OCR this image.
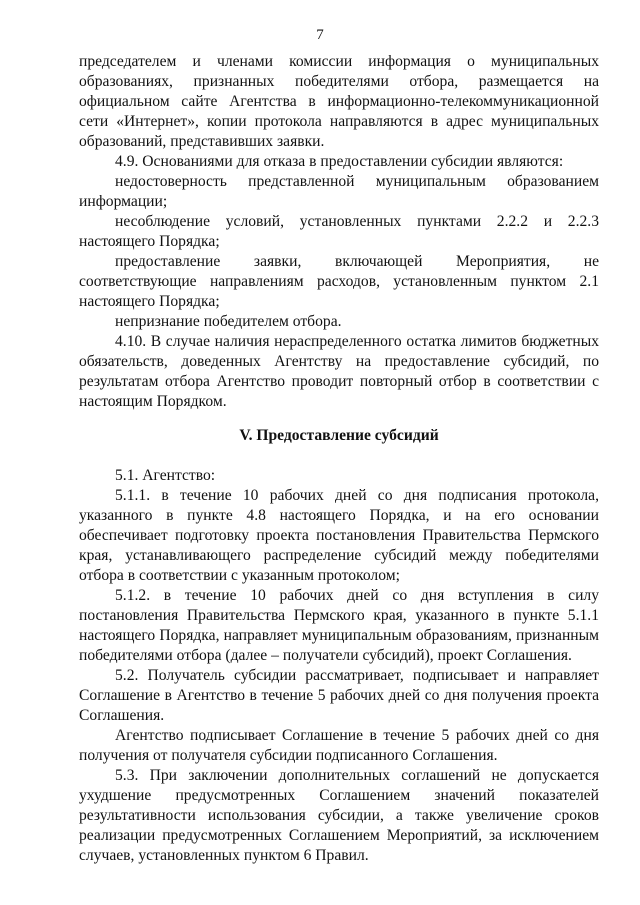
7

председателем и членами комиссии информация о муниципальных образованиях, признанных победителями отбора, размещается на официальном сайте Агентства в информационно-телекоммуникационной сети «Интернет», копии протокола направляются в адрес муниципальных образований, представивших заявки.

4.9. Основаниями для отказа в предоставлении субсидии являются:

недостоверность представленной муниципальным образованием информации;

несоблюдение условий, установленных пунктами 2.2.2 и 2.2.3 настоящего Порядка;

предоставление заявки, включающей Мероприятия, не соответствующие направлениям расходов, установленным пунктом 2.1 настоящего Порядка;

непризнание победителем отбора.

4.10. В случае наличия нераспределенного остатка лимитов бюджетных обязательств, доведенных Агентству на предоставление субсидий, по результатам отбора Агентство проводит повторный отбор в соответствии с настоящим Порядком.

V. Предоставление субсидий

5.1. Агентство:

5.1.1. в течение 10 рабочих дней со дня подписания протокола, указанного в пункте 4.8 настоящего Порядка, и на его основании обеспечивает подготовку проекта постановления Правительства Пермского края, устанавливающего распределение субсидий между победителями отбора в соответствии с указанным протоколом;

5.1.2. в течение 10 рабочих дней со дня вступления в силу постановления Правительства Пермского края, указанного в пункте 5.1.1 настоящего Порядка, направляет муниципальным образованиям, признанным победителями отбора (далее – получатели субсидий), проект Соглашения.

5.2. Получатель субсидии рассматривает, подписывает и направляет Соглашение в Агентство в течение 5 рабочих дней со дня получения проекта Соглашения.

Агентство подписывает Соглашение в течение 5 рабочих дней со дня получения от получателя субсидии подписанного Соглашения.

5.3. При заключении дополнительных соглашений не допускается ухудшение предусмотренных Соглашением значений показателей результативности использования субсидии, а также увеличение сроков реализации предусмотренных Соглашением Мероприятий, за исключением случаев, установленных пунктом 6 Правил.
